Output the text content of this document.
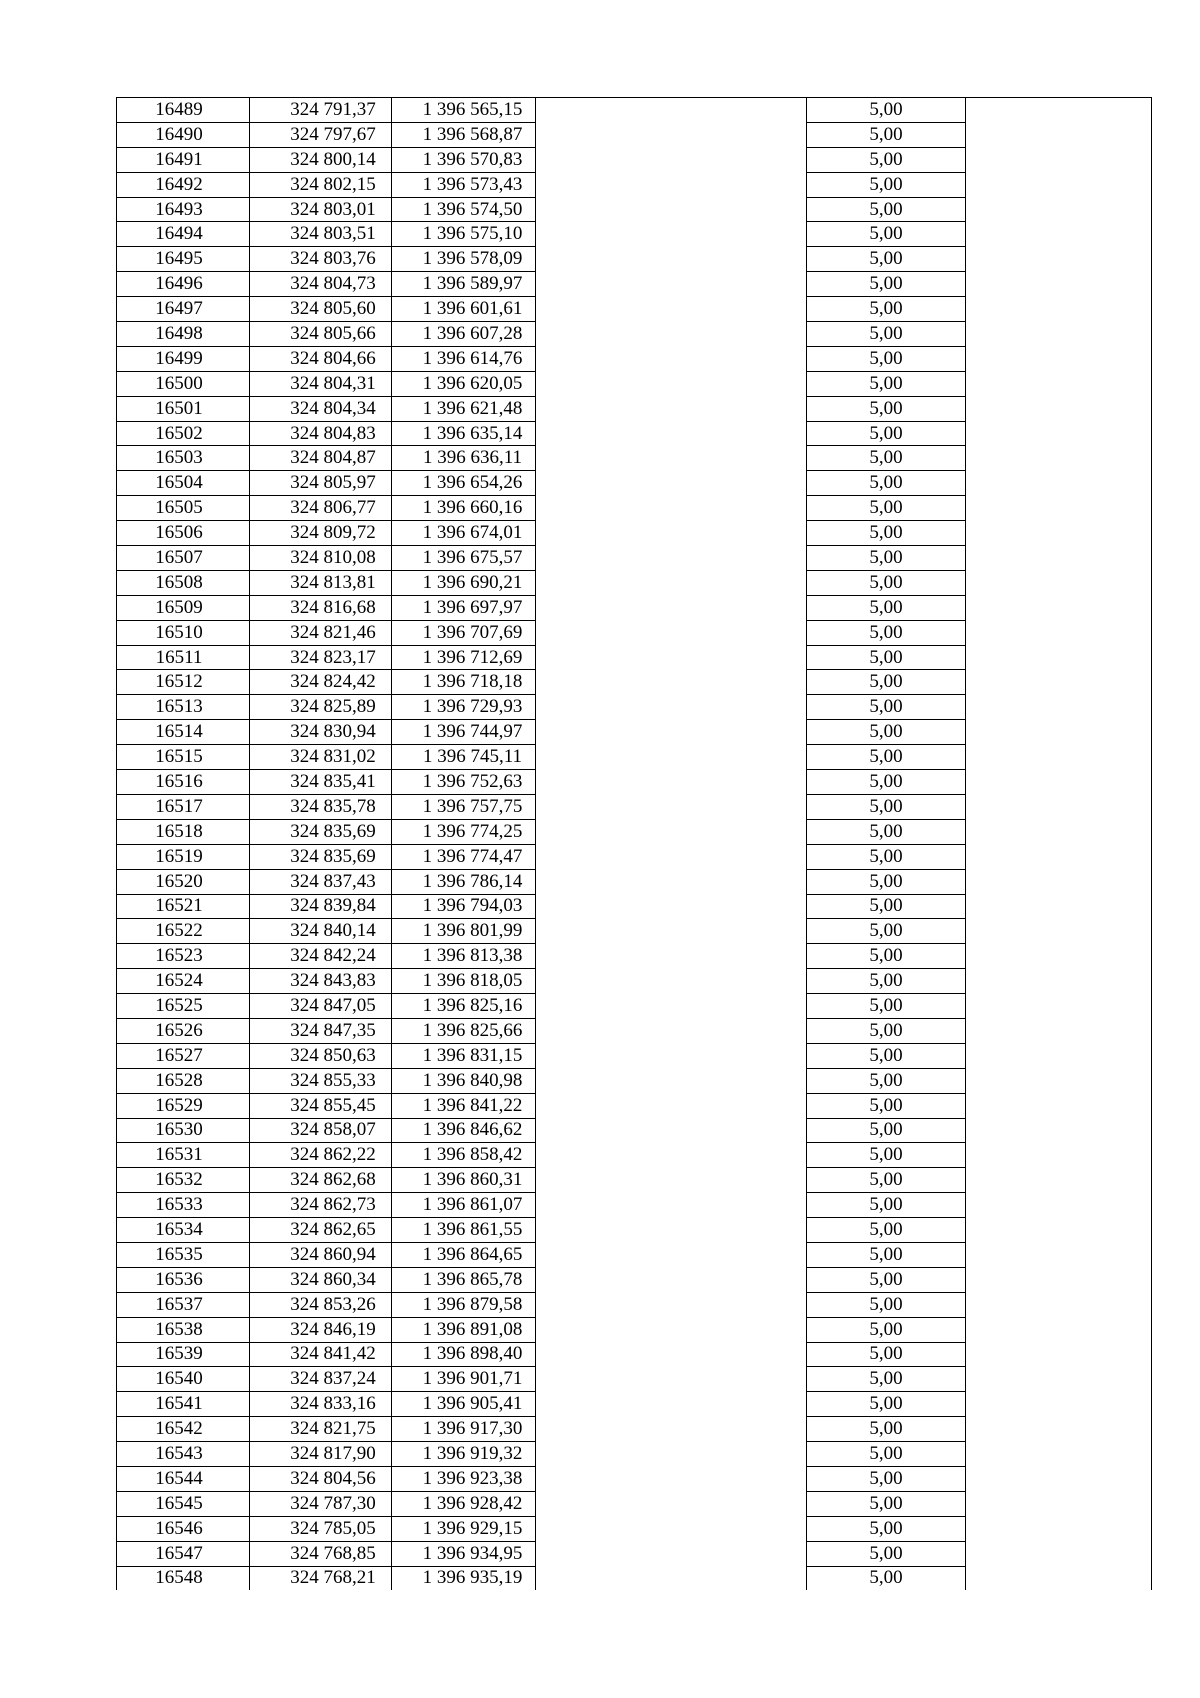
16489	324 791,37	1 396 565,15		5,00	
16490	324 797,67	1 396 568,87		5,00	
16491	324 800,14	1 396 570,83		5,00	
16492	324 802,15	1 396 573,43		5,00	
16493	324 803,01	1 396 574,50		5,00	
16494	324 803,51	1 396 575,10		5,00	
16495	324 803,76	1 396 578,09		5,00	
16496	324 804,73	1 396 589,97		5,00	
16497	324 805,60	1 396 601,61		5,00	
16498	324 805,66	1 396 607,28		5,00	
16499	324 804,66	1 396 614,76		5,00	
16500	324 804,31	1 396 620,05		5,00	
16501	324 804,34	1 396 621,48		5,00	
16502	324 804,83	1 396 635,14		5,00	
16503	324 804,87	1 396 636,11		5,00	
16504	324 805,97	1 396 654,26		5,00	
16505	324 806,77	1 396 660,16		5,00	
16506	324 809,72	1 396 674,01		5,00	
16507	324 810,08	1 396 675,57		5,00	
16508	324 813,81	1 396 690,21		5,00	
16509	324 816,68	1 396 697,97		5,00	
16510	324 821,46	1 396 707,69		5,00	
16511	324 823,17	1 396 712,69		5,00	
16512	324 824,42	1 396 718,18		5,00	
16513	324 825,89	1 396 729,93		5,00	
16514	324 830,94	1 396 744,97		5,00	
16515	324 831,02	1 396 745,11		5,00	
16516	324 835,41	1 396 752,63		5,00	
16517	324 835,78	1 396 757,75		5,00	
16518	324 835,69	1 396 774,25		5,00	
16519	324 835,69	1 396 774,47		5,00	
16520	324 837,43	1 396 786,14		5,00	
16521	324 839,84	1 396 794,03		5,00	
16522	324 840,14	1 396 801,99		5,00	
16523	324 842,24	1 396 813,38		5,00	
16524	324 843,83	1 396 818,05		5,00	
16525	324 847,05	1 396 825,16		5,00	
16526	324 847,35	1 396 825,66		5,00	
16527	324 850,63	1 396 831,15		5,00	
16528	324 855,33	1 396 840,98		5,00	
16529	324 855,45	1 396 841,22		5,00	
16530	324 858,07	1 396 846,62		5,00	
16531	324 862,22	1 396 858,42		5,00	
16532	324 862,68	1 396 860,31		5,00	
16533	324 862,73	1 396 861,07		5,00	
16534	324 862,65	1 396 861,55		5,00	
16535	324 860,94	1 396 864,65		5,00	
16536	324 860,34	1 396 865,78		5,00	
16537	324 853,26	1 396 879,58		5,00	
16538	324 846,19	1 396 891,08		5,00	
16539	324 841,42	1 396 898,40		5,00	
16540	324 837,24	1 396 901,71		5,00	
16541	324 833,16	1 396 905,41		5,00	
16542	324 821,75	1 396 917,30		5,00	
16543	324 817,90	1 396 919,32		5,00	
16544	324 804,56	1 396 923,38		5,00	
16545	324 787,30	1 396 928,42		5,00	
16546	324 785,05	1 396 929,15		5,00	
16547	324 768,85	1 396 934,95		5,00	
16548	324 768,21	1 396 935,19		5,00	
